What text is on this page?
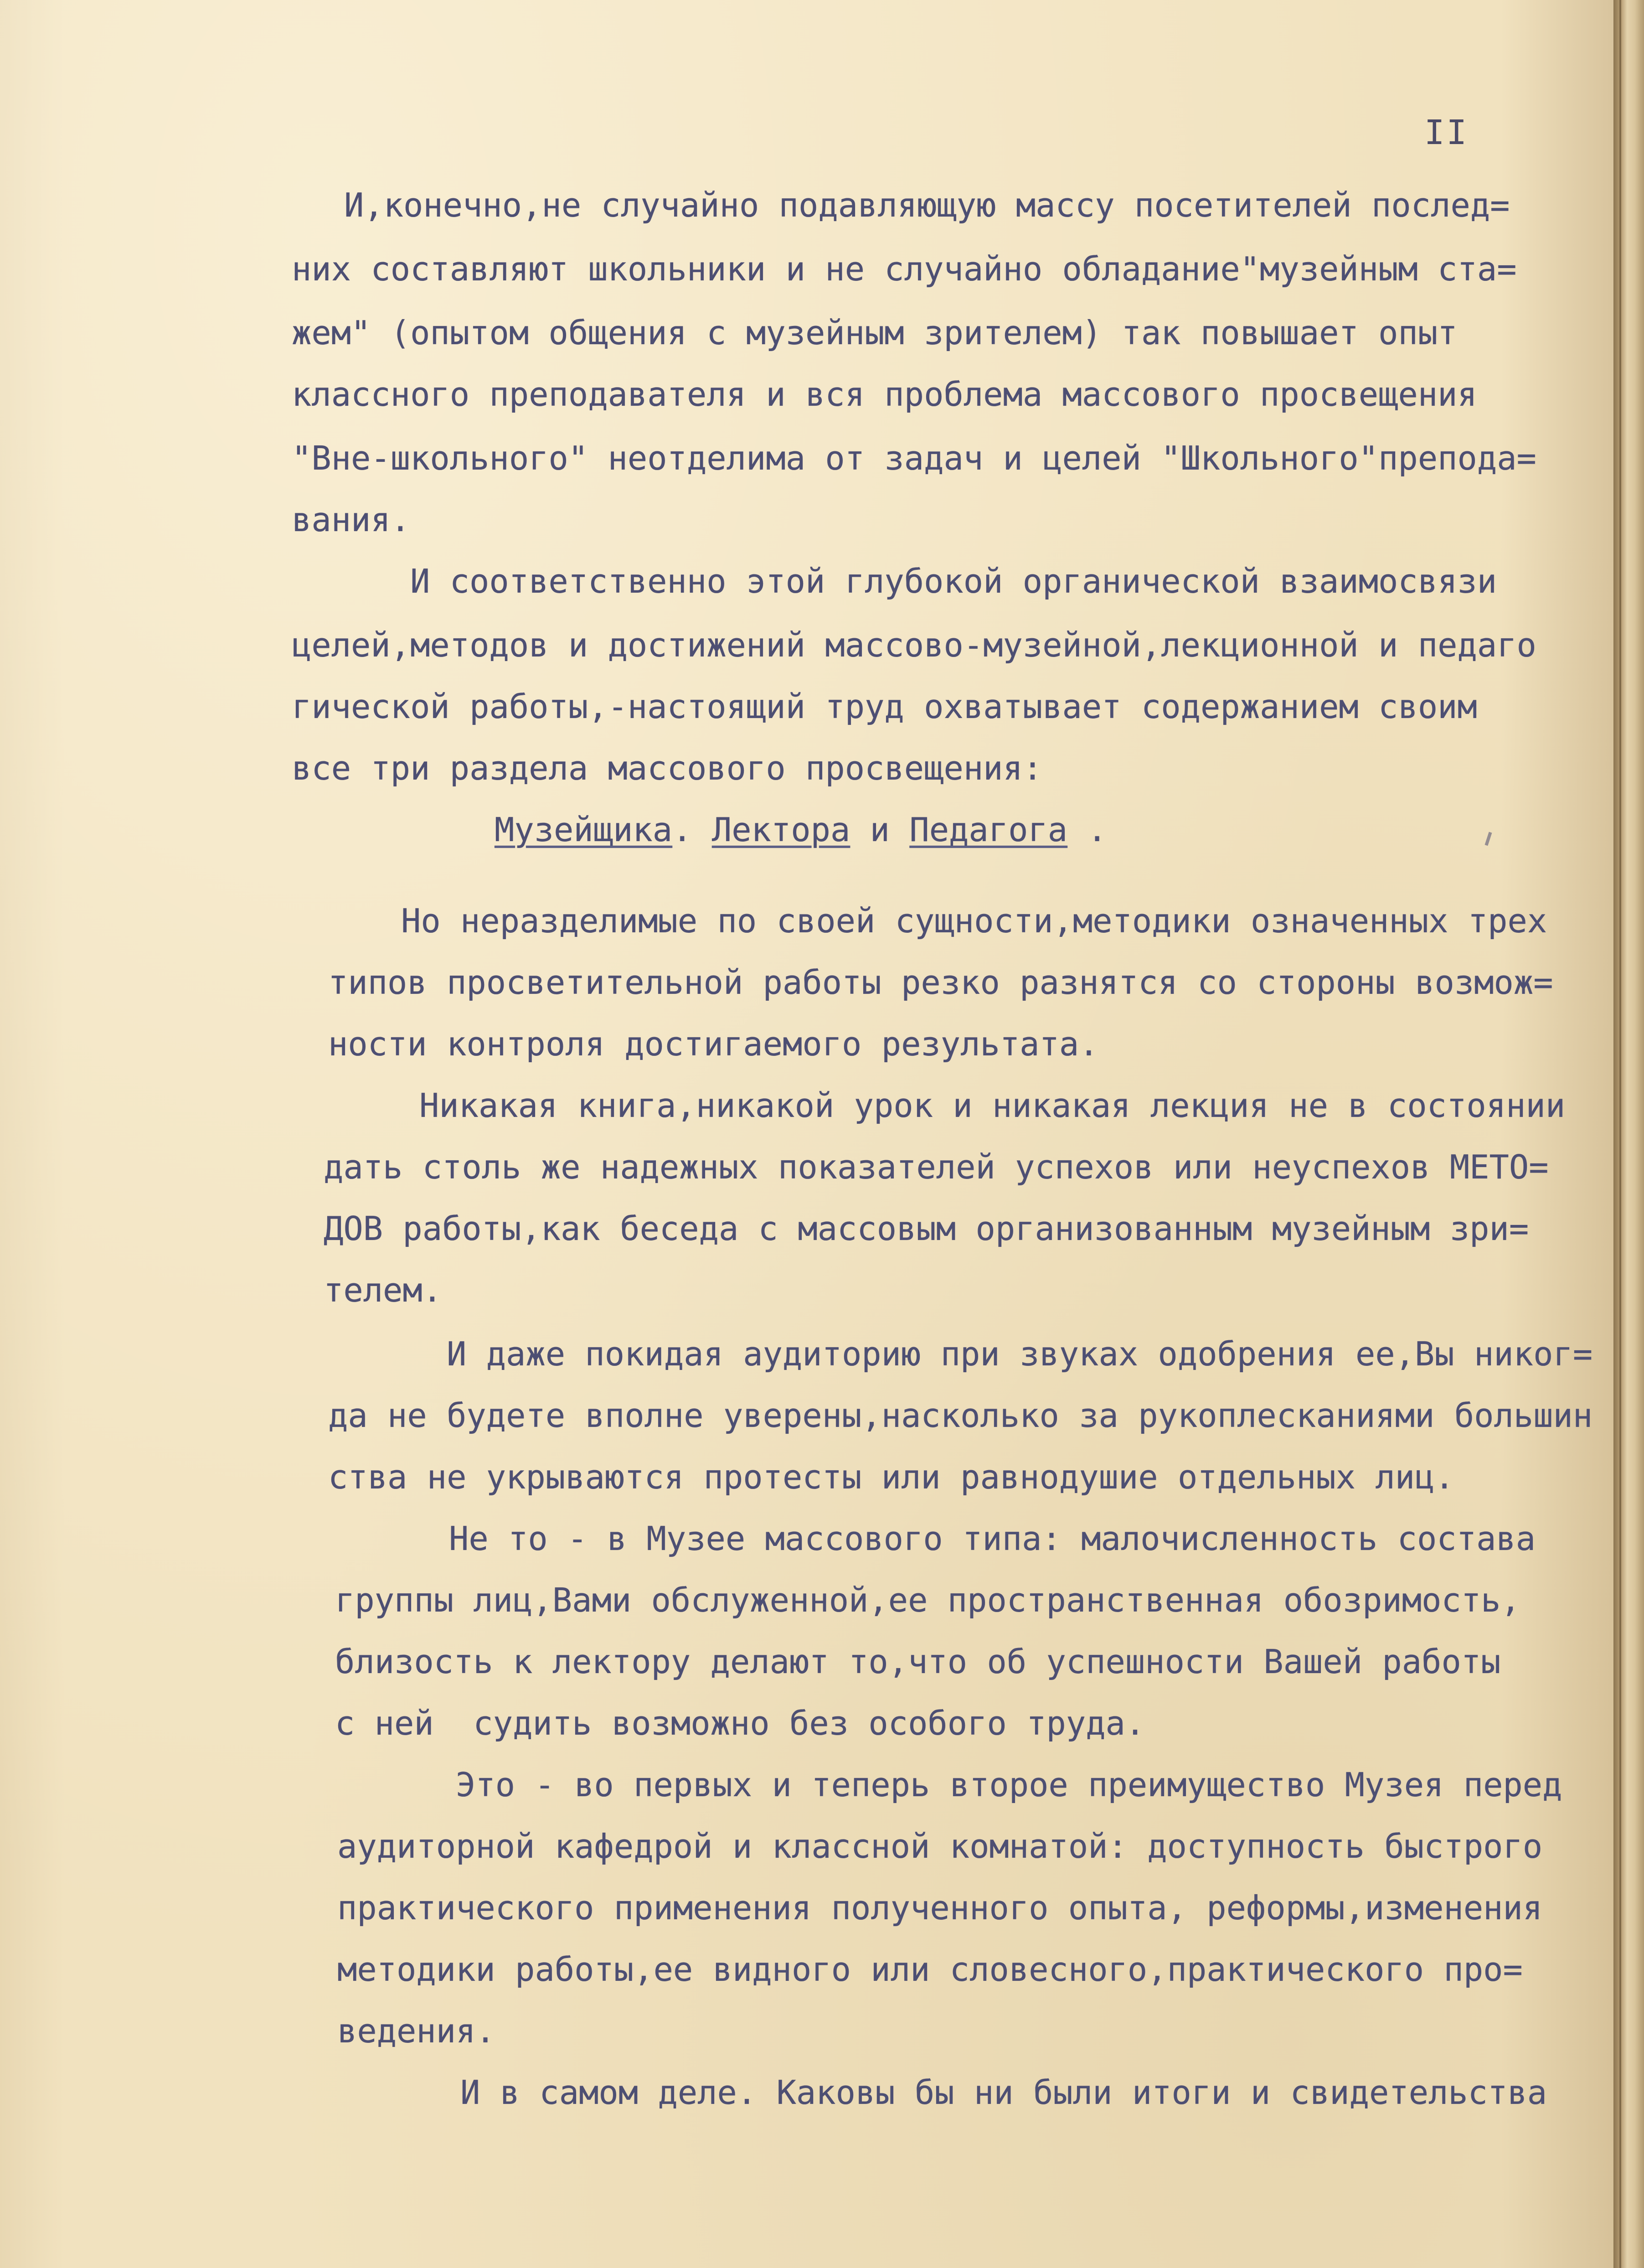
II
И,конечно,не случайно подавляющую массу посетителей послед=
них составляют школьники и не случайно обладание"музейным ста=
жем" (опытом общения с музейным зрителем) так повышает опыт
классного преподавателя и вся проблема массового просвещения
"Вне-школьного" неотделима от задач и целей "Школьного"препода=
вания.
И соответственно этой глубокой органической взаимосвязи
целей,методов и достижений массово-музейной,лекционной и педаго
гической работы,-настоящий труд охватывает содержанием своим
все три раздела массового просвещения:
Музейщика. Лектора и Педагога .
Но неразделимые по своей сущности,методики означенных трех
типов просветительной работы резко разнятся со стороны возмож=
ности контроля достигаемого результата.
Никакая книга,никакой урок и никакая лекция не в состоянии
дать столь же надежных показателей успехов или неуспехов МЕТО=
ДОВ работы,как беседа с массовым организованным музейным зри=
телем.
И даже покидая аудиторию при звуках одобрения ее,Вы никог=
да не будете вполне уверены,насколько за рукоплесканиями большин
ства не укрываются протесты или равнодушие отдельных лиц.
Не то - в Музее массового типа: малочисленность состава
группы лиц,Вами обслуженной,ее пространственная обозримость,
близость к лектору делают то,что об успешности Вашей работы
с ней  судить возможно без особого труда.
Это - во первых и теперь второе преимущество Музея перед
аудиторной кафедрой и классной комнатой: доступность быстрого
практического применения полученного опыта, реформы,изменения
методики работы,ее видного или словесного,практического про=
ведения.
И в самом деле. Каковы бы ни были итоги и свидетельства
